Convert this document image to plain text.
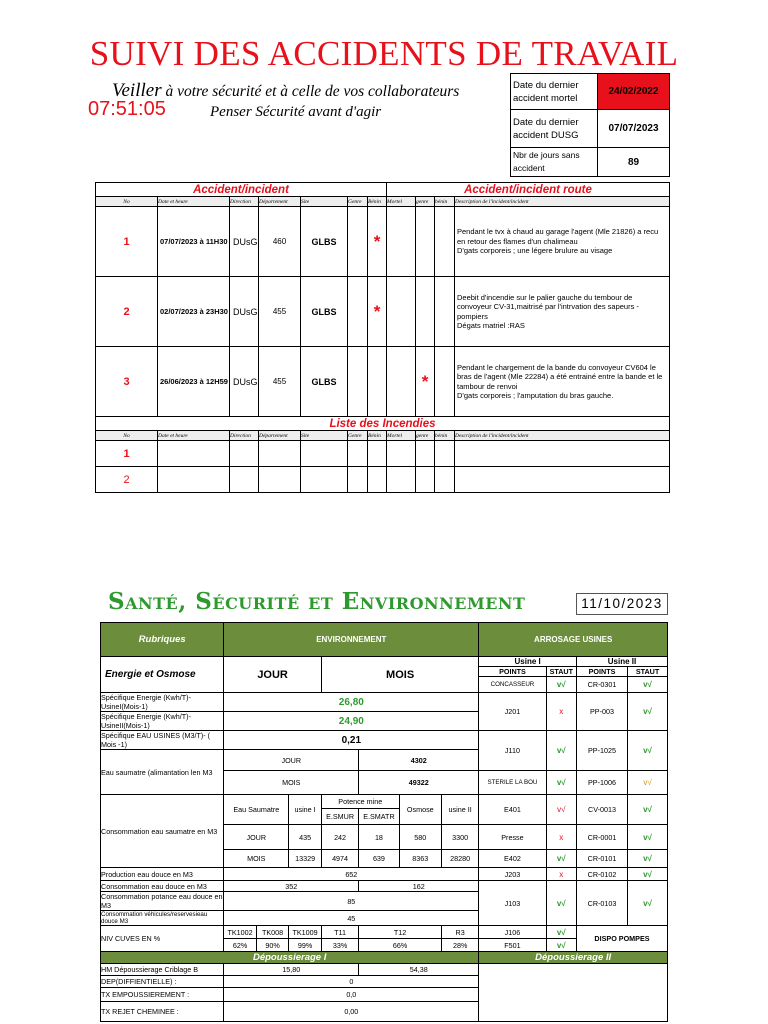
SUIVI DES ACCIDENTS DE TRAVAIL
Veiller à votre sécurité et à celle de vos collaborateurs
Penser Sécurité avant d'agir
07:51:05
Date du dernier accident mortel	24/02/2022
Date du dernier accident DUSG	07/07/2023
Nbr de jours sans accident	89
Accident/incident							Accident/incident route			
No	Date et heure	Direction	Département	Site	Genre	Bénin	Mortel	genre	bénin	Description de l'incident/incident
1	07/07/2023 à 11H30	DUsG	460	GLBS		*				Pendant le tvx à chaud au garage l'agent (Mle 21826) a recu en retour des flames d'un chalimeau
D'gats corporeis ; une légere brulure au visage
2	02/07/2023 à 23H30	DUsG	455	GLBS		*				Deebit d'incendie sur le palier gauche du tembour de convoyeur CV-31,maitrisé par l'intrvation des sapeurs - pompiers
Dégats matriel :RAS
3	26/06/2023 à 12H59	DUsG	455	GLBS				*		Pendant le chargement de la bande du convoyeur CV604 le bras de l'agent (Mle 22284) a été entrainé entre la bande et le tambour de renvoi
D'gats corporeis ; l'amputation du bras gauche.
Liste des Incendies										
No	Date et heure	Direction	Département	Site	Genre	Bénin	Mortel	genre	bénin	Description de l'incident/incident
1										
2										
Santé, Sécurité et Environnement	11/10/2023
Rubriques	ENVIRONNEMENT							ARROSAGE USINES			
Energie et Osmose	JOUR			MOIS				Usine I		Usine II	
								POINTS	STAUT	POINTS	STAUT
								CONCASSEUR	v√	CR-0301	v√
Spécifique Energie (Kwh/T)-UsineI(Mois-1)	26,80							J201	x	PP-003	v√
Spécifique Energie (Kwh/T)-UsineII(Mois-1)	24,90										
Spécifique EAU USINES (M3/T)- ( Mois -1)	0,21							J110	v√	PP-1025	v√
Eau saumatre (alimantation len M3	JOUR				4302						
	MOIS				49322			STERILE LA BOU	v√	PP-1006	v√
Consommation eau saumatre en M3	Eau Saumatre		usine I	Potence mine		Osmose	usine II	E401	v√	CV-0013	v√
				E.SMUR	E.SMATR						
	JOUR		435	242	18	580	3300	Presse	x	CR-0001	v√
	MOIS		13329	4974	639	8363	28280	E402	v√	CR-0101	v√
Production eau douce en M3	652							J203	x	CR-0102	v√
Consommation eau douce en M3	352				162			J103	v√	CR-0103	v√
Consommation potance eau douce en M3	85										
Consommation véhicules/reservesieau douce M3	45										
NIV CUVES EN %	TK1002	TK008	TK1009	T11	T12		R3	J106	v√	DISPO POMPES	
	62%	90%	99%	33%	66%		28%	F501	v√		
Dépoussierage I								Dépoussierage II			
HM Dépoussierage Criblage B	15,80				54,38						
DEP(DIFFIENTIELLE) :	0										
TX EMPOUSSIEREMENT :	0,0										
TX REJET CHEMINEE :	0,00										
